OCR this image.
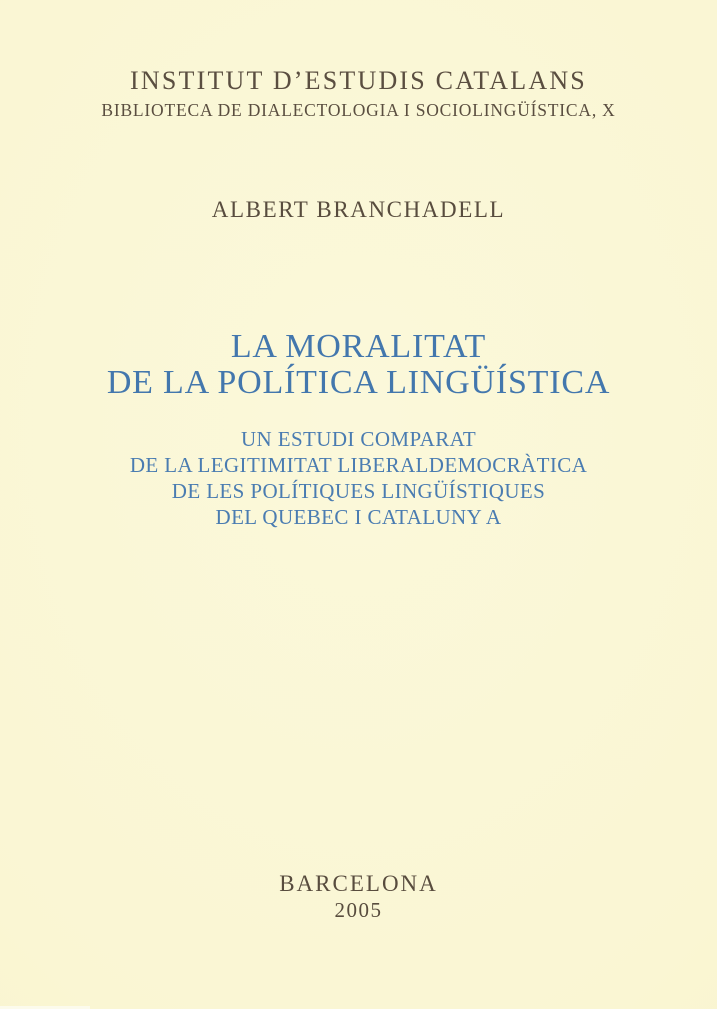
INSTITUT D’ESTUDIS CATALANS
BIBLIOTECA DE DIALECTOLOGIA I SOCIOLINGÜÍSTICA, X
ALBERT BRANCHADELL
LA MORALITAT
DE LA POLÍTICA LINGÜÍSTICA
UN ESTUDI COMPARAT
DE LA LEGITIMITAT LIBERALDEMOCRÀTICA
DE LES POLÍTIQUES LINGÜÍSTIQUES
DEL QUEBEC I CATALUNY A
BARCELONA
2005
